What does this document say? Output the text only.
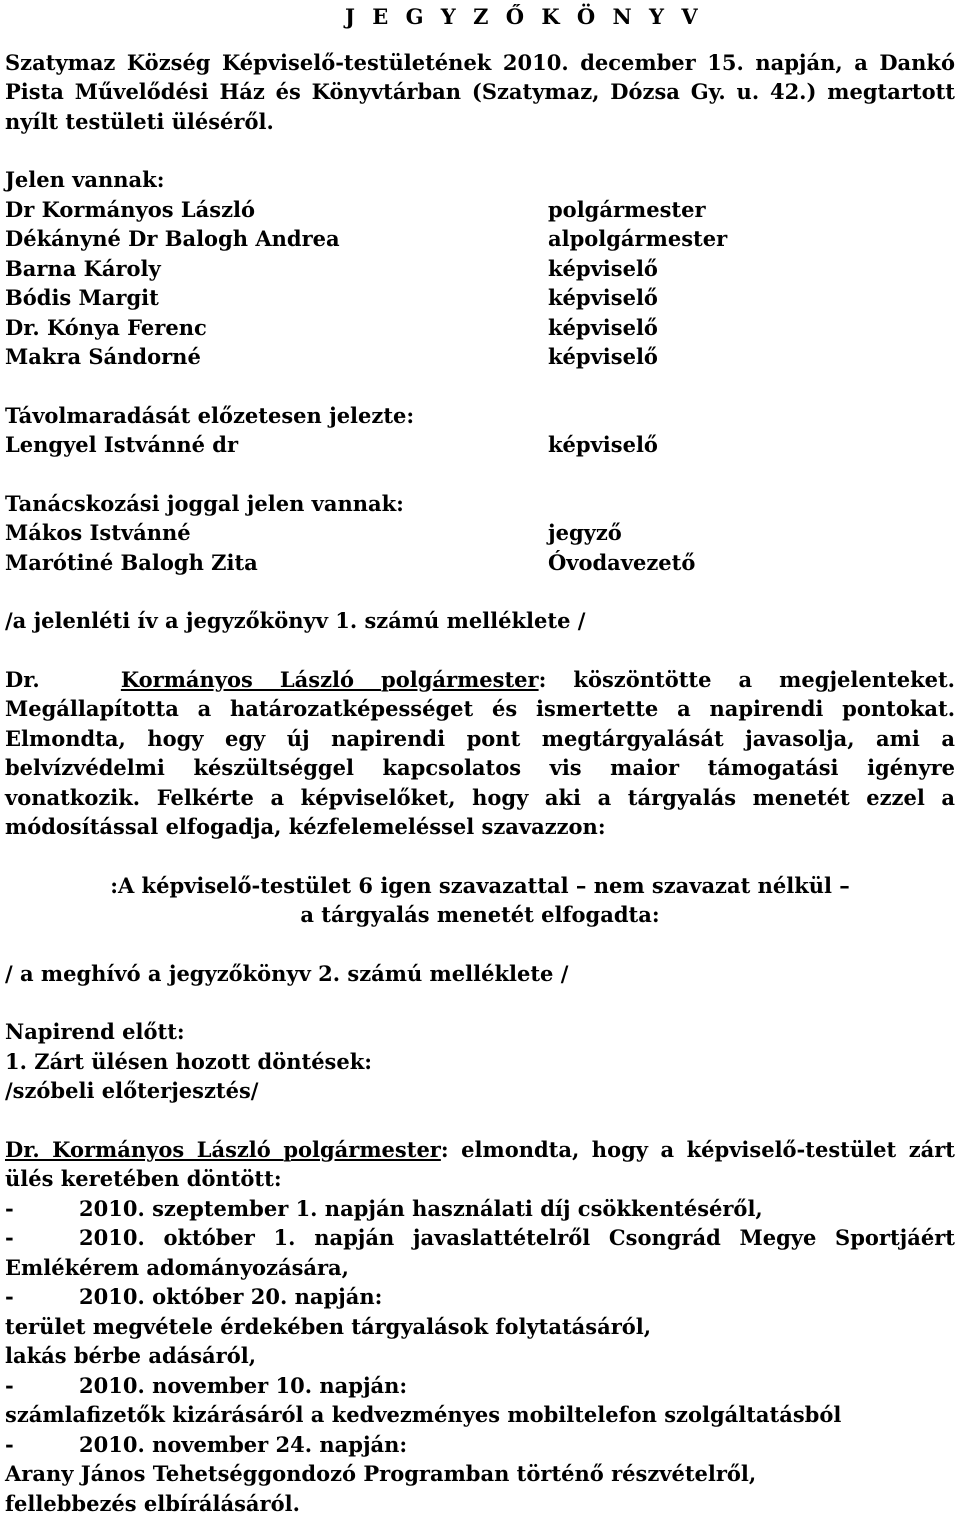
J E G Y Z Ő K Ö N Y V

Szatymaz Község Képviselő-testületének 2010. december 15. napján, a Dankó Pista Művelődési Ház és Könyvtárban (Szatymaz, Dózsa Gy. u. 42.) megtartott nyílt testületi üléséről.

Jelen vannak:

Dr Kormányos László	polgármester
Dékányné Dr Balogh Andrea	alpolgármester
Barna Károly	képviselő
Bódis Margit	képviselő
Dr. Kónya Ferenc	képviselő
Makra Sándorné	képviselő

Távolmaradását előzetesen jelezte:

Lengyel Istvánné dr	képviselő

Tanácskozási joggal jelen vannak:

Mákos Istvánné	jegyző
Marótiné Balogh Zita	Óvodavezető

/a jelenléti ív a jegyzőkönyv 1. számú melléklete /

Dr.	Kormányos László polgármester: köszöntötte a megjelenteket. Megállapította a határozatképességet és ismertette a napirendi pontokat. Elmondta, hogy egy új napirendi pont megtárgyalását javasolja, ami a belvízvédelmi készültséggel kapcsolatos vis maior támogatási igényre vonatkozik. Felkérte a képviselőket, hogy aki a tárgyalás menetét ezzel a módosítással elfogadja, kézfelemeléssel szavazzon:

:A képviselő-testület 6 igen szavazattal – nem szavazat nélkül –

a tárgyalás menetét elfogadta:

/ a meghívó a jegyzőkönyv 2. számú melléklete /

Napirend előtt:

1. Zárt ülésen hozott döntések:

/szóbeli előterjesztés/

Dr. Kormányos László polgármester: elmondta, hogy a képviselő-testület zárt ülés keretében döntött:

-	2010. szeptember 1. napján használati díj csökkentéséről,
-	2010. október 1. napján javaslattételről Csongrád Megye Sportjáért

Emlékérem adományozására,

-	2010. október 20. napján:

terület megvétele érdekében tárgyalások folytatásáról,

lakás bérbe adásáról,

-	2010. november 10. napján:

számlafizetők kizárásáról a kedvezményes mobiltelefon szolgáltatásból

-	2010. november 24. napján:

Arany János Tehetséggondozó Programban történő részvételről,

fellebbezés elbírálásáról.
